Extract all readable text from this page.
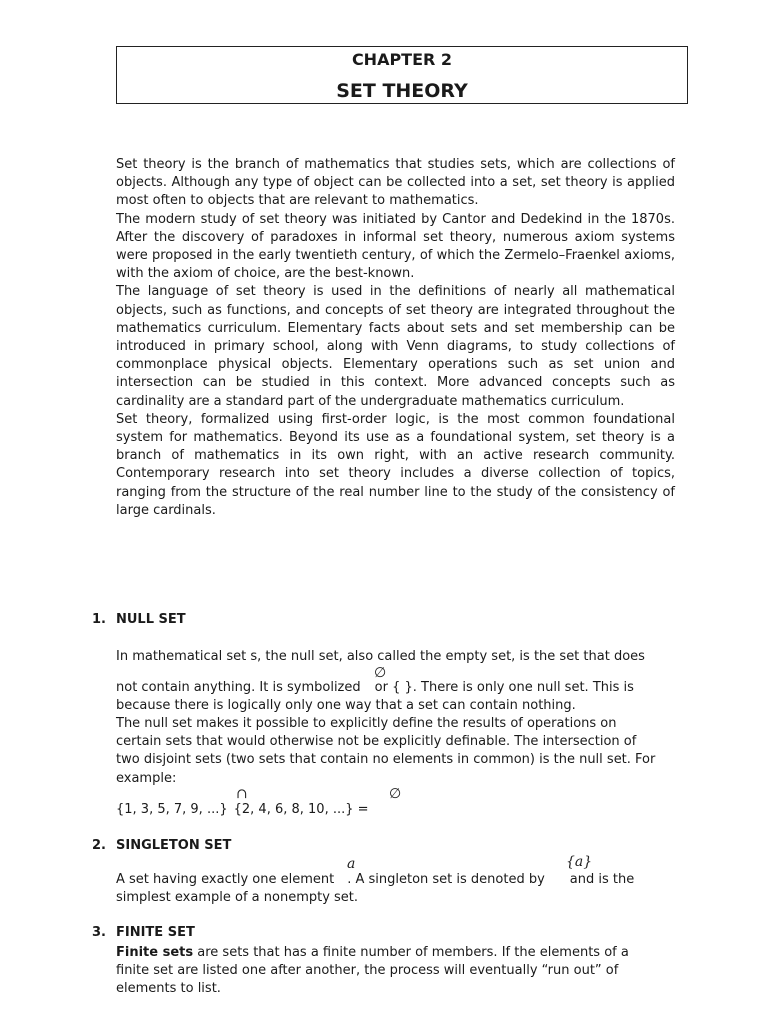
CHAPTER 2
SET THEORY

Set theory is the branch of mathematics that studies sets, which are collections of objects. Although any type of object can be collected into a set, set theory is applied most often to objects that are relevant to mathematics.

The modern study of set theory was initiated by Cantor and Dedekind in the 1870s. After the discovery of paradoxes in informal set theory, numerous axiom systems were proposed in the early twentieth century, of which the Zermelo–Fraenkel axioms, with the axiom of choice, are the best-known.

The language of set theory is used in the definitions of nearly all mathematical objects, such as functions, and concepts of set theory are integrated throughout the mathematics curriculum. Elementary facts about sets and set membership can be introduced in primary school, along with Venn diagrams, to study collections of commonplace physical objects. Elementary operations such as set union and intersection can be studied in this context. More advanced concepts such as cardinality are a standard part of the undergraduate mathematics curriculum.

Set theory, formalized using first-order logic, is the most common foundational system for mathematics. Beyond its use as a foundational system, set theory is a branch of mathematics in its own right, with an active research community. Contemporary research into set theory includes a diverse collection of topics, ranging from the structure of the real number line to the study of the consistency of large cardinals.

1. NULL SET
In mathematical set s, the null set, also called the empty set, is the set that does
∅
not contain anything. It is symbolized or { }. There is only one null set. This is
because there is logically only one way that a set can contain nothing.
The null set makes it possible to explicitly define the results of operations on certain sets that would otherwise not be explicitly definable. The intersection of two disjoint sets (two sets that contain no elements in common) is the null set. For example:
∩	∅
{1, 3, 5, 7, 9, ...} {2, 4, 6, 8, 10, ...} =
2. SINGLETON SET
a	{a}
A set having exactly one element . A singleton set is denoted by and is the
simplest example of a nonempty set.
3. FINITE SET
Finite sets are sets that has a finite number of members. If the elements of a finite set are listed one after another, the process will eventually “run out” of elements to list.
